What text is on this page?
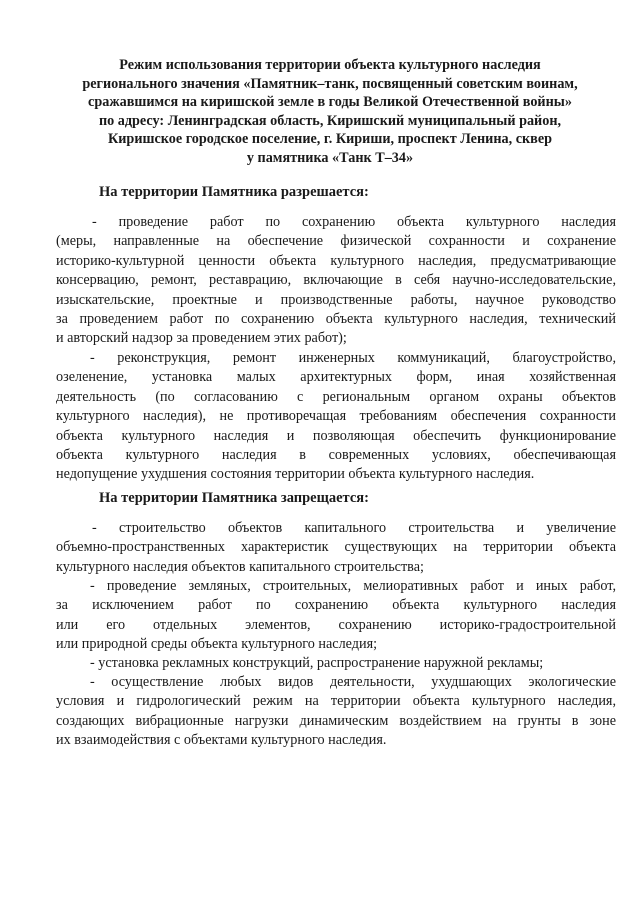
Режим использования территории объекта культурного наследия
регионального значения «Памятник–танк, посвященный советским воинам,
сражавшимся на киришской земле в годы Великой Отечественной войны»
по адресу: Ленинградская область, Киришский муниципальный район,
Киришское городское поселение, г. Кириши, проспект Ленина, сквер
у памятника «Танк Т–34»
На территории Памятника разрешается:
- проведение работ по сохранению объекта культурного наследия
(меры, направленные на обеспечение физической сохранности и сохранение
историко-культурной ценности объекта культурного наследия, предусматривающие
консервацию, ремонт, реставрацию, включающие в себя научно-исследовательские,
изыскательские, проектные и производственные работы, научное руководство
за проведением работ по сохранению объекта культурного наследия, технический
и авторский надзор за проведением этих работ);
- реконструкция, ремонт инженерных коммуникаций, благоустройство,
озеленение, установка малых архитектурных форм, иная хозяйственная
деятельность (по согласованию с региональным органом охраны объектов
культурного наследия), не противоречащая требованиям обеспечения сохранности
объекта культурного наследия и позволяющая обеспечить функционирование
объекта культурного наследия в современных условиях, обеспечивающая
недопущение ухудшения состояния территории объекта культурного наследия.
На территории Памятника запрещается:
- строительство объектов капитального строительства и увеличение
объемно-пространственных характеристик существующих на территории объекта
культурного наследия объектов капитального строительства;
- проведение земляных, строительных, мелиоративных работ и иных работ,
за исключением работ по сохранению объекта культурного наследия
или его отдельных элементов, сохранению историко-градостроительной
или природной среды объекта культурного наследия;
- установка рекламных конструкций, распространение наружной рекламы;
- осуществление любых видов деятельности, ухудшающих экологические
условия и гидрологический режим на территории объекта культурного наследия,
создающих вибрационные нагрузки динамическим воздействием на грунты в зоне
их взаимодействия с объектами культурного наследия.
